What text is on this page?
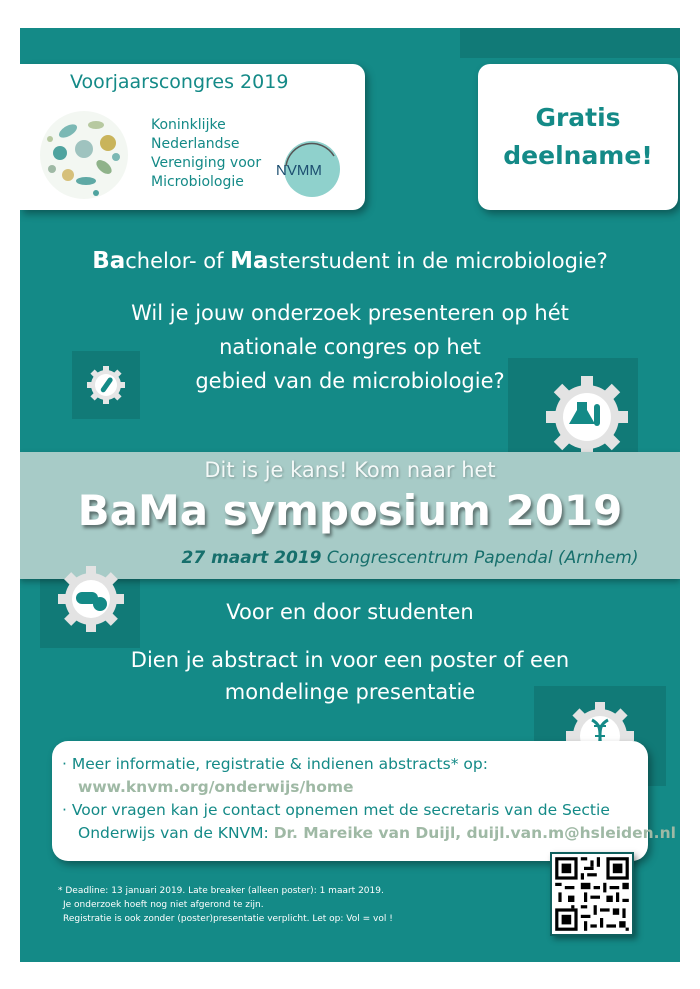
Voorjaarscongres 2019
Koninklijke
Nederlandse
Vereniging voor
Microbiologie
NVMM
Gratis
deelname!
Bachelor- of Masterstudent in de microbiologie?
Wil je jouw onderzoek presenteren op hét
nationale congres op het
gebied van de microbiologie?
Dit is je kans! Kom naar het
BaMa symposium 2019
27 maart 2019 Congrescentrum Papendal (Arnhem)
Voor en door studenten
Dien je abstract in voor een poster of een
mondelinge presentatie
· Meer informatie, registratie & indienen abstracts* op:
www.knvm.org/onderwijs/home
· Voor vragen kan je contact opnemen met de secretaris van de Sectie
Onderwijs van de KNVM: Dr. Mareike van Duijl, duijl.van.m@hsleiden.nl
* Deadline: 13 januari 2019. Late breaker (alleen poster): 1 maart 2019.
Je onderzoek hoeft nog niet afgerond te zijn.
Registratie is ook zonder (poster)presentatie verplicht. Let op: Vol = vol !
